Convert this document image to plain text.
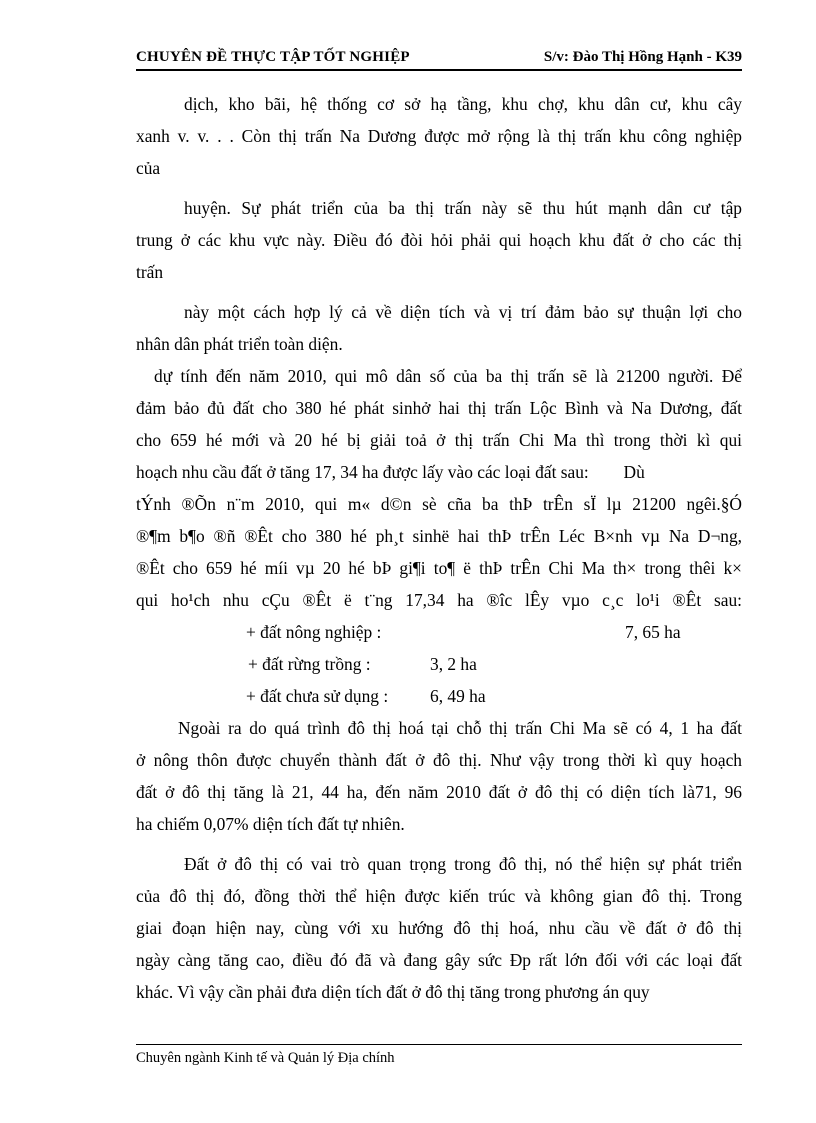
CHUYÊN ĐỀ THỰC TẬP TỐT NGHIỆP	S/v: Đào Thị Hồng Hạnh - K39
dịch, kho bãi, hệ thống cơ sở hạ tầng, khu chợ, khu dân cư, khu cây
xanh v. v. . . Còn thị trấn Na Dương được mở rộng là thị trấn khu công nghiệp
của
huyện. Sự phát triển của ba thị trấn này sẽ thu hút mạnh dân cư tập
trung ở các khu vực này. Điều đó đòi hỏi phải qui hoạch khu đất ở cho các thị
trấn
này một cách hợp lý cả về diện tích và vị trí đảm bảo sự thuận lợi cho
nhân dân phát triển toàn diện.
dự tính đến năm 2010, qui mô dân số của ba thị trấn sẽ là 21200 người. Để
đảm bảo đủ đất cho 380 hé phát sinhở hai thị trấn Lộc Bình và Na Dương, đất
cho 659 hé mới và 20 hé bị giải toả ở thị trấn Chi Ma thì trong thời kì qui
hoạch nhu cầu đất ở tăng 17, 34 ha được lấy vào các loại đất sau:        Dù
tÝnh ®Õn n¨m 2010, qui m« d©n sè cña ba thÞ trÊn sÏ lµ 21200 ngêi.§Ó
®¶m b¶o ®ñ ®Êt cho 380 hé ph¸t sinhë hai thÞ trÊn Léc B×nh vµ Na D¬ng,
®Êt cho 659 hé míi vµ 20 hé bÞ gi¶i to¶ ë thÞ trÊn Chi Ma th× trong thêi k×
qui ho¹ch nhu cÇu ®Êt ë t¨ng 17,34 ha ®îc lÊy vµo c¸c lo¹i ®Êt sau:
+ đất nông nghiệp :	7, 65 ha
+ đất rừng trồng :	3, 2 ha
+ đất chưa sử dụng : 6, 49 ha
Ngoài ra do quá trình đô thị hoá tại chỗ thị trấn Chi Ma sẽ có 4, 1 ha đất
ở nông thôn được chuyển thành đất ở đô thị. Như vậy trong thời kì quy hoạch
đất ở đô thị tăng là 21, 44 ha, đến năm 2010 đất ở đô thị có diện tích là71, 96
ha chiếm 0,07% diện tích đất tự nhiên.
Đất ở đô thị có vai trò quan trọng trong đô thị, nó thể hiện sự phát triển
của đô thị đó, đồng thời thể hiện được kiến trúc và không gian đô thị. Trong
giai đoạn hiện nay, cùng với xu hướng đô thị hoá, nhu cầu về đất ở đô thị
ngày càng tăng cao, điều đó đã và đang gây sức Ðp rất lớn đối với các loại đất
khác. Vì vậy cần phải đưa diện tích đất ở đô thị tăng trong phương án quy
Chuyên ngành Kinh tế và Quản lý Địa chính
